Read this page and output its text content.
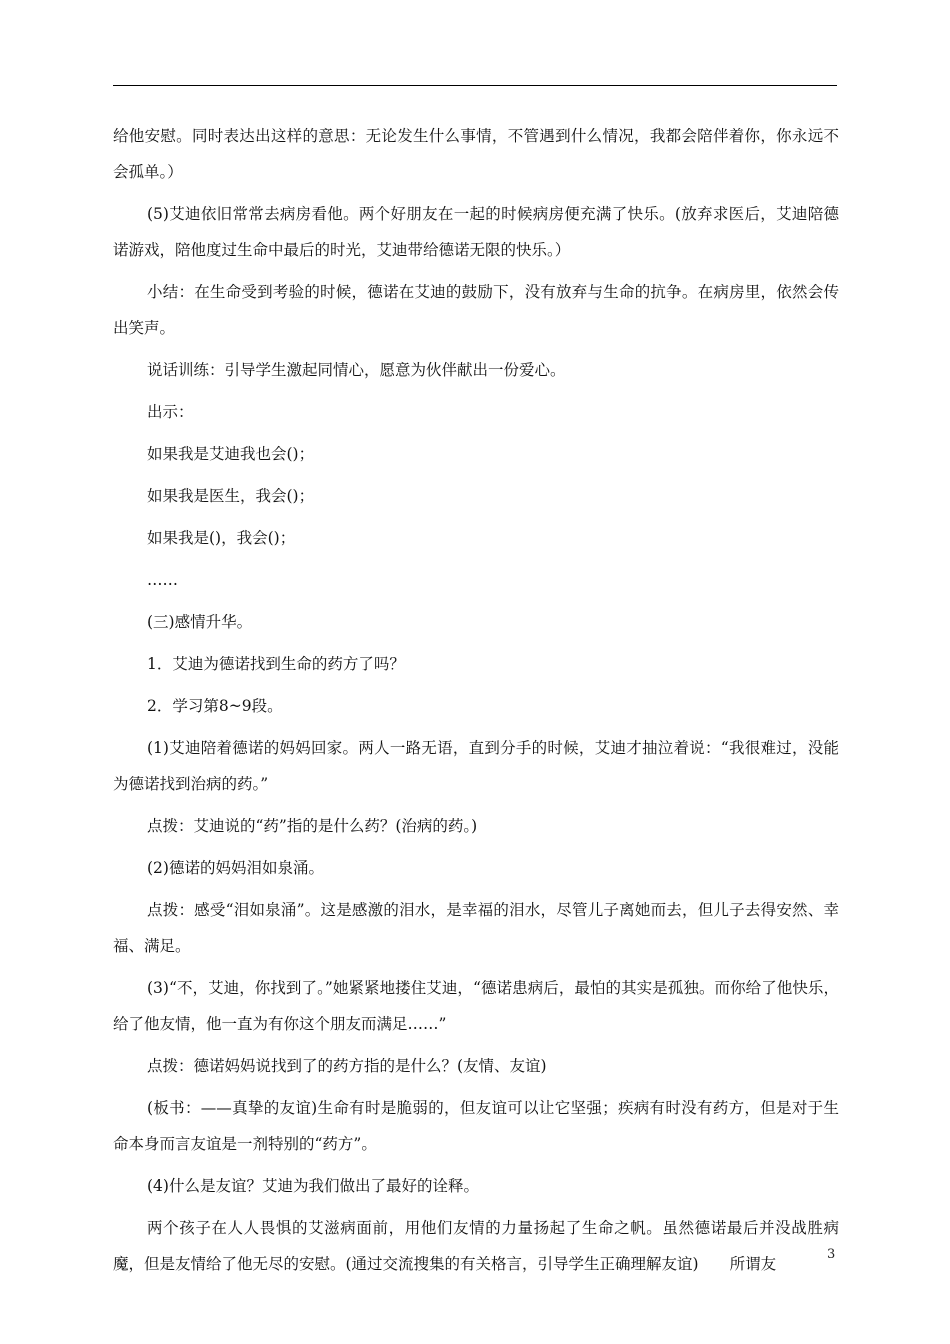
给他安慰。同时表达出这样的意思：无论发生什么事情，不管遇到什么情况，我都会陪伴着你，你永远不会孤单。）

(5)艾迪依旧常常去病房看他。两个好朋友在一起的时候病房便充满了快乐。(放弃求医后，艾迪陪德诺游戏，陪他度过生命中最后的时光，艾迪带给德诺无限的快乐。）

小结：在生命受到考验的时候，德诺在艾迪的鼓励下，没有放弃与生命的抗争。在病房里，依然会传出笑声。

说话训练：引导学生激起同情心，愿意为伙伴献出一份爱心。

出示：

如果我是艾迪我也会()；

如果我是医生，我会()；

如果我是()，我会()；

……

(三)感情升华。

1．艾迪为德诺找到生命的药方了吗？

2．学习第8~9段。

(1)艾迪陪着德诺的妈妈回家。两人一路无语，直到分手的时候，艾迪才抽泣着说：“我很难过，没能为德诺找到治病的药。”

点拨：艾迪说的“药”指的是什么药？(治病的药。)

(2)德诺的妈妈泪如泉涌。

点拨：感受“泪如泉涌”。这是感激的泪水，是幸福的泪水，尽管儿子离她而去，但儿子去得安然、幸福、满足。

(3)“不，艾迪，你找到了。”她紧紧地搂住艾迪，“德诺患病后，最怕的其实是孤独。而你给了他快乐，给了他友情，他一直为有你这个朋友而满足……”

点拨：德诺妈妈说找到了的药方指的是什么？(友情、友谊)

(板书：——真挚的友谊)生命有时是脆弱的，但友谊可以让它坚强；疾病有时没有药方，但是对于生命本身而言友谊是一剂特别的“药方”。

(4)什么是友谊？艾迪为我们做出了最好的诠释。

两个孩子在人人畏惧的艾滋病面前，用他们友情的力量扬起了生命之帆。虽然德诺最后并没战胜病魔，但是友情给了他无尽的安慰。(通过交流搜集的有关格言，引导学生正确理解友谊)　　所谓友

3
